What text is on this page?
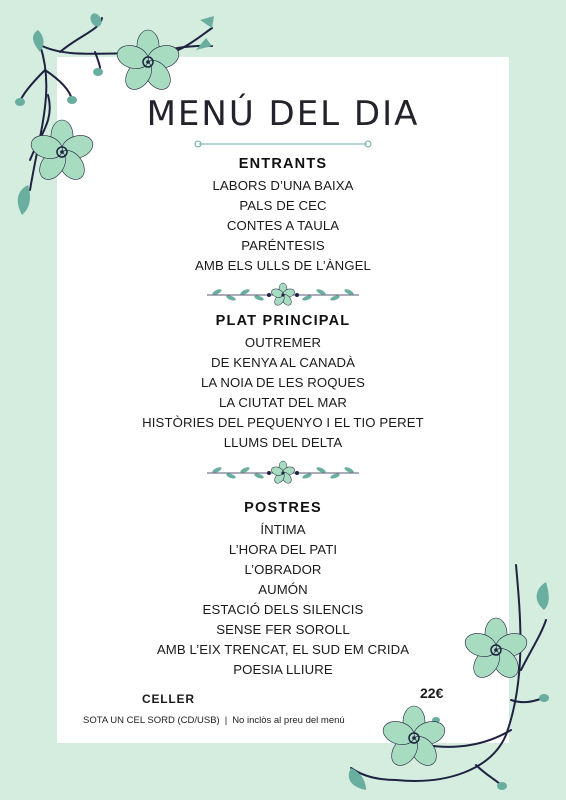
MENÚ DEL DIA
ENTRANTS
LABORS D’UNA BAIXA
PALS DE CEC
CONTES A TAULA
PARÉNTESIS
AMB ELS ULLS DE L’ÀNGEL
PLAT PRINCIPAL
OUTREMER
DE KENYA AL CANADÀ
LA NOIA DE LES ROQUES
LA CIUTAT DEL MAR
HISTÒRIES DEL PEQUENYO I EL TIO PERET
LLUMS DEL DELTA
POSTRES
ÍNTIMA
L’HORA DEL PATI
L’OBRADOR
AUMÓN
ESTACIÓ DELS SILENCIS
SENSE FER SOROLL
AMB L’EIX TRENCAT, EL SUD EM CRIDA
POESIA LLIURE
CELLER	22€
SOTA UN CEL SORD (CD/USB) | No inclòs al preu del menú
